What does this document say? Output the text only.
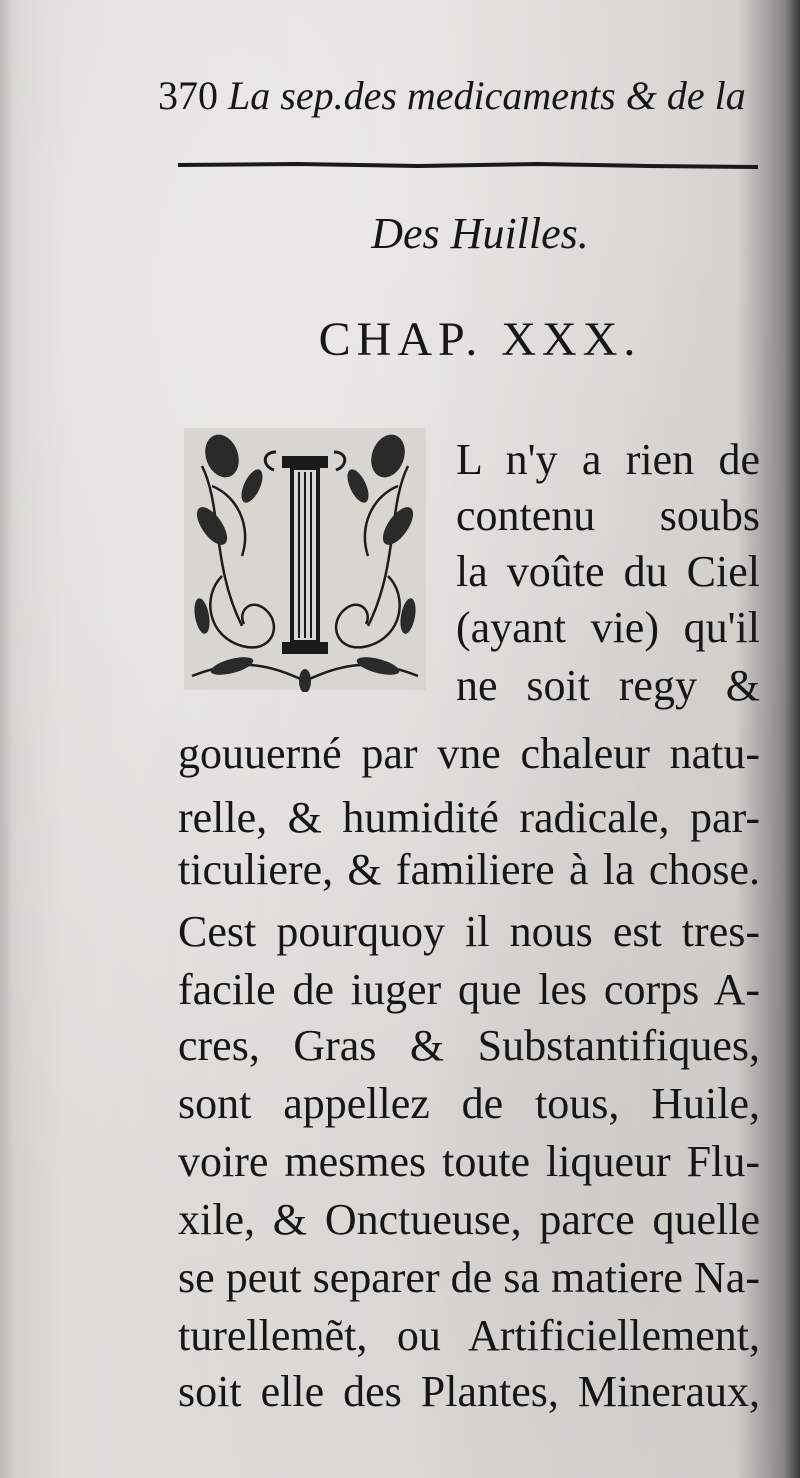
370 La sep.des medicaments & de la
Des Huilles.
CHAP. XXX.
L n'y a rien de
contenu soubs
la voûte du Ciel
(ayant vie) qu'il
ne soit regy &
gouuerné par vne chaleur natu-
relle, & humidité radicale, par-
ticuliere, & familiere à la chose.
Cest pourquoy il nous est tres-
facile de iuger que les corps A-
cres, Gras & Substantifiques,
sont appellez de tous, Huile,
voire mesmes toute liqueur Flu-
xile, & Onctueuse, parce quelle
se peut separer de sa matiere Na-
turellemẽt, ou Artificiellement,
soit elle des Plantes, Mineraux,
